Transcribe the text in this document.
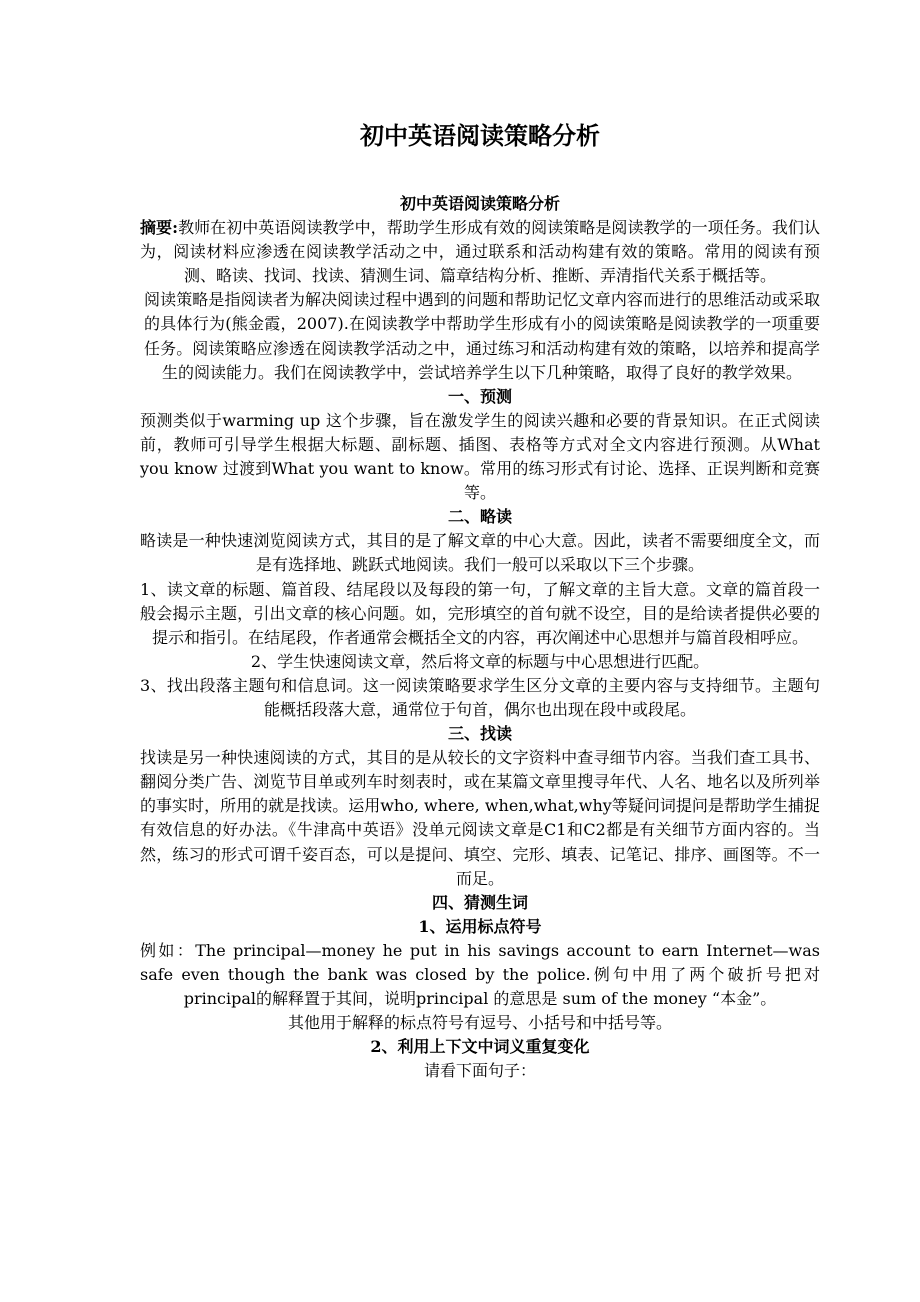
初中英语阅读策略分析
初中英语阅读策略分析

摘要:教师在初中英语阅读教学中，帮助学生形成有效的阅读策略是阅读教学的一项任务。我们认为，阅读材料应渗透在阅读教学活动之中，通过联系和活动构建有效的策略。常用的阅读有预测、略读、找词、找读、猜测生词、篇章结构分析、推断、弄清指代关系于概括等。

阅读策略是指阅读者为解决阅读过程中遇到的问题和帮助记忆文章内容而进行的思维活动或采取的具体行为(熊金霞，2007).在阅读教学中帮助学生形成有小的阅读策略是阅读教学的一项重要任务。阅读策略应渗透在阅读教学活动之中，通过练习和活动构建有效的策略，以培养和提高学生的阅读能力。我们在阅读教学中，尝试培养学生以下几种策略，取得了良好的教学效果。

一、预测

预测类似于warming up 这个步骤，旨在激发学生的阅读兴趣和必要的背景知识。在正式阅读前，教师可引导学生根据大标题、副标题、插图、表格等方式对全文内容进行预测。从What you know 过渡到What you want to know。常用的练习形式有讨论、选择、正误判断和竞赛等。

二、略读

略读是一种快速浏览阅读方式，其目的是了解文章的中心大意。因此，读者不需要细度全文，而是有选择地、跳跃式地阅读。我们一般可以采取以下三个步骤。

1、读文章的标题、篇首段、结尾段以及每段的第一句，了解文章的主旨大意。文章的篇首段一般会揭示主题，引出文章的核心问题。如，完形填空的首句就不设空，目的是给读者提供必要的提示和指引。在结尾段，作者通常会概括全文的内容，再次阐述中心思想并与篇首段相呼应。

2、学生快速阅读文章，然后将文章的标题与中心思想进行匹配。

3、找出段落主题句和信息词。这一阅读策略要求学生区分文章的主要内容与支持细节。主题句能概括段落大意，通常位于句首，偶尔也出现在段中或段尾。

三、找读

找读是另一种快速阅读的方式，其目的是从较长的文字资料中查寻细节内容。当我们查工具书、翻阅分类广告、浏览节目单或列车时刻表时，或在某篇文章里搜寻年代、人名、地名以及所列举的事实时，所用的就是找读。运用who, where, when,what,why等疑问词提问是帮助学生捕捉有效信息的好办法。《牛津高中英语》没单元阅读文章是C1和C2都是有关细节方面内容的。当然，练习的形式可谓千姿百态，可以是提问、填空、完形、填表、记笔记、排序、画图等。不一而足。

四、猜测生词
1、运用标点符号

例如：The principal—money he put in his savings account to earn Internet—was safe even though the bank was closed by the police.例句中用了两个破折号把对principal的解释置于其间，说明principal 的意思是 sum of the money “本金”。

其他用于解释的标点符号有逗号、小括号和中括号等。

2、利用上下文中词义重复变化

请看下面句子：
